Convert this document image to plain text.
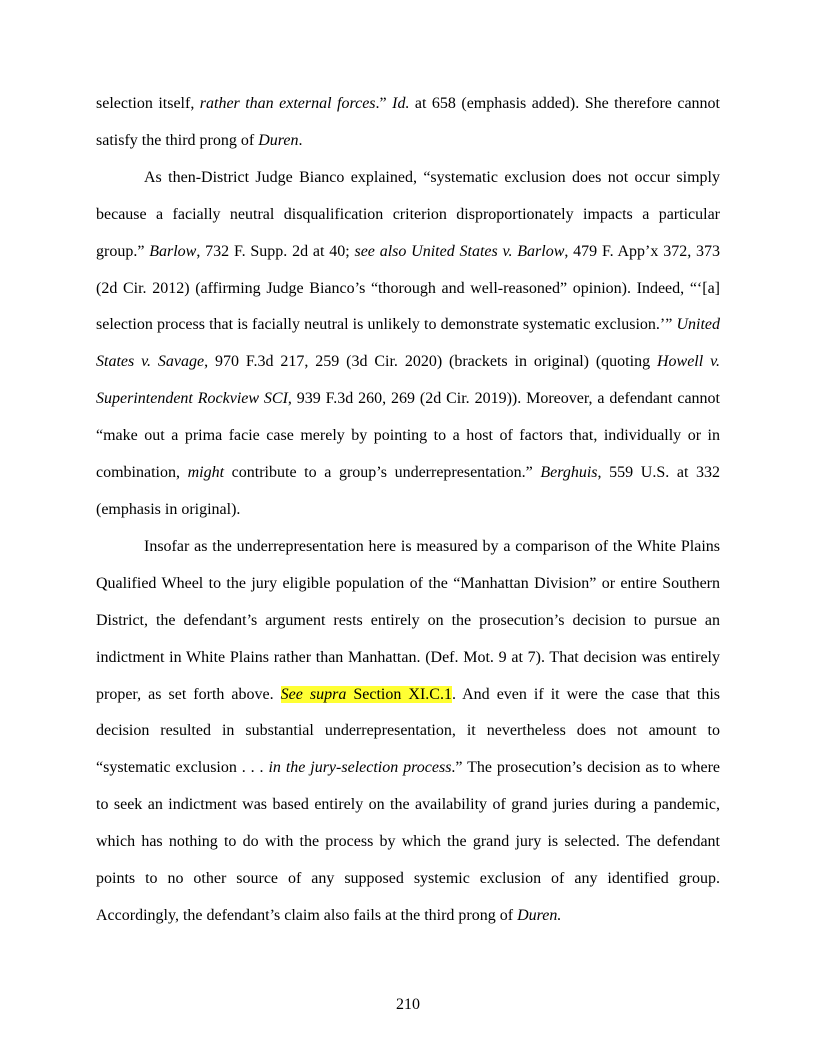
selection itself, rather than external forces.” Id. at 658 (emphasis added). She therefore cannot satisfy the third prong of Duren.

As then-District Judge Bianco explained, “systematic exclusion does not occur simply because a facially neutral disqualification criterion disproportionately impacts a particular group.” Barlow, 732 F. Supp. 2d at 40; see also United States v. Barlow, 479 F. App’x 372, 373 (2d Cir. 2012) (affirming Judge Bianco’s “thorough and well-reasoned” opinion). Indeed, “‘[a] selection process that is facially neutral is unlikely to demonstrate systematic exclusion.’” United States v. Savage, 970 F.3d 217, 259 (3d Cir. 2020) (brackets in original) (quoting Howell v. Superintendent Rockview SCI, 939 F.3d 260, 269 (2d Cir. 2019)). Moreover, a defendant cannot “make out a prima facie case merely by pointing to a host of factors that, individually or in combination, might contribute to a group’s underrepresentation.” Berghuis, 559 U.S. at 332 (emphasis in original).

Insofar as the underrepresentation here is measured by a comparison of the White Plains Qualified Wheel to the jury eligible population of the “Manhattan Division” or entire Southern District, the defendant’s argument rests entirely on the prosecution’s decision to pursue an indictment in White Plains rather than Manhattan. (Def. Mot. 9 at 7). That decision was entirely proper, as set forth above. See supra Section XI.C.1. And even if it were the case that this decision resulted in substantial underrepresentation, it nevertheless does not amount to “systematic exclusion . . . in the jury-selection process.” The prosecution’s decision as to where to seek an indictment was based entirely on the availability of grand juries during a pandemic, which has nothing to do with the process by which the grand jury is selected. The defendant points to no other source of any supposed systemic exclusion of any identified group. Accordingly, the defendant’s claim also fails at the third prong of Duren.

210
